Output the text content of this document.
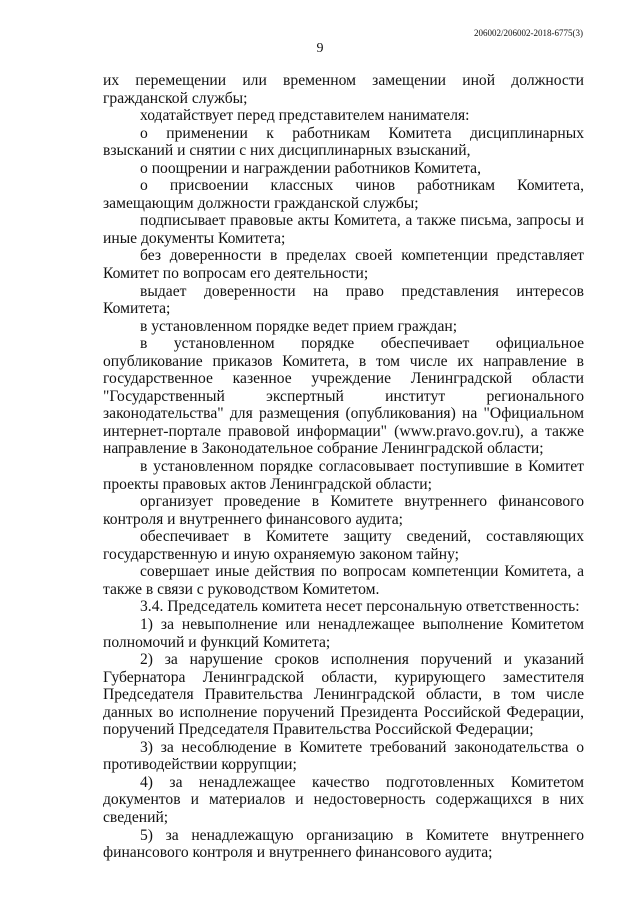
206002/206002-2018-6775(3)
9

их перемещении или временном замещении иной должности гражданской службы;

ходатайствует перед представителем нанимателя:

о применении к работникам Комитета дисциплинарных взысканий и снятии с них дисциплинарных взысканий,

о поощрении и награждении работников Комитета,

о присвоении классных чинов работникам Комитета, замещающим должности гражданской службы;

подписывает правовые акты Комитета, а также письма, запросы и иные документы Комитета;

без доверенности в пределах своей компетенции представляет Комитет по вопросам его деятельности;

выдает доверенности на право представления интересов Комитета;

в установленном порядке ведет прием граждан;

в установленном порядке обеспечивает официальное опубликование приказов Комитета, в том числе их направление в государственное казенное учреждение Ленинградской области "Государственный экспертный институт регионального законодательства" для размещения (опубликования) на "Официальном интернет-портале правовой информации" (www.pravo.gov.ru), а также направление в Законодательное собрание Ленинградской области;

в установленном порядке согласовывает поступившие в Комитет проекты правовых актов Ленинградской области;

организует проведение в Комитете внутреннего финансового контроля и внутреннего финансового аудита;

обеспечивает в Комитете защиту сведений, составляющих государственную и иную охраняемую законом тайну;

совершает иные действия по вопросам компетенции Комитета, а также в связи с руководством Комитетом.

3.4. Председатель комитета несет персональную ответственность:

1) за невыполнение или ненадлежащее выполнение Комитетом полномочий и функций Комитета;

2) за нарушение сроков исполнения поручений и указаний Губернатора Ленинградской области, курирующего заместителя Председателя Правительства Ленинградской области, в том числе данных во исполнение поручений Президента Российской Федерации, поручений Председателя Правительства Российской Федерации;

3) за несоблюдение в Комитете требований законодательства о противодействии коррупции;

4) за ненадлежащее качество подготовленных Комитетом документов и материалов и недостоверность содержащихся в них сведений;

5) за ненадлежащую организацию в Комитете внутреннего финансового контроля и внутреннего финансового аудита;
